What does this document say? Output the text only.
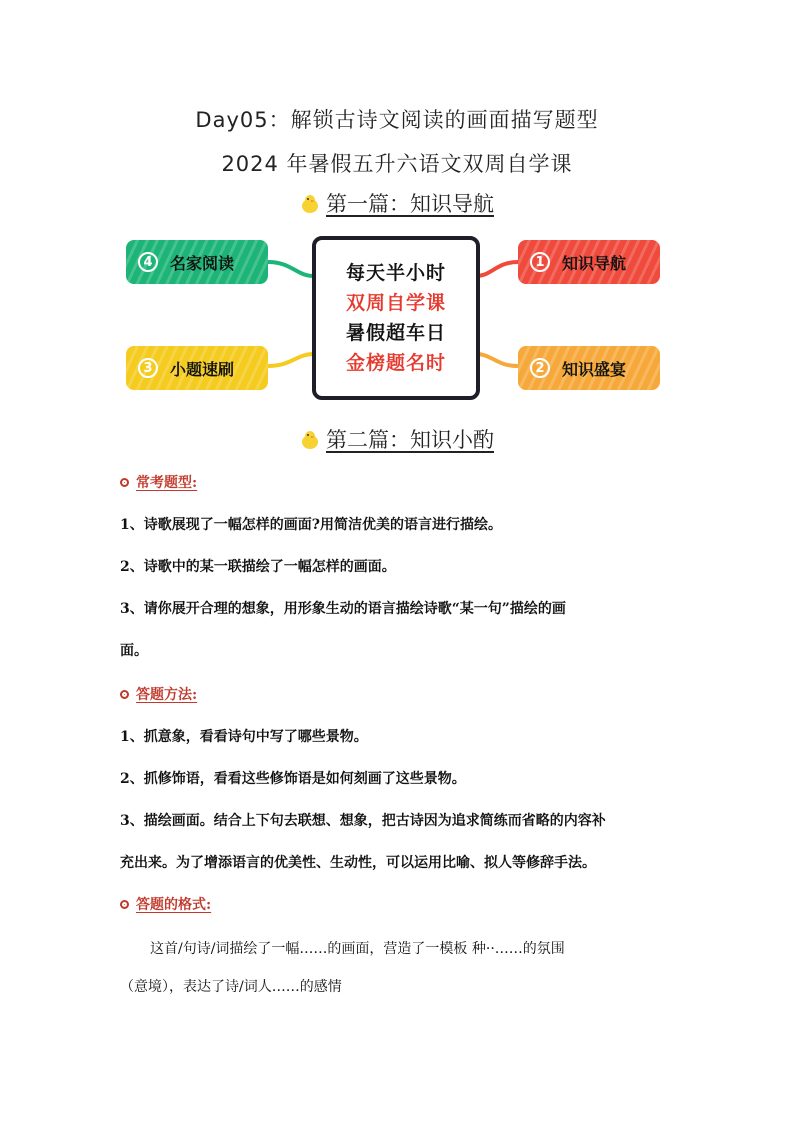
Day05：解锁古诗文阅读的画面描写题型
2024 年暑假五升六语文双周自学课
第一篇：知识导航
4	名家阅读
3	小题速刷
1	知识导航
2	知识盛宴
每天半小时
双周自学课
暑假超车日
金榜题名时
第二篇：知识小酌
常考题型:
1、诗歌展现了一幅怎样的画面?用简洁优美的语言进行描绘。
2、诗歌中的某一联描绘了一幅怎样的画面。
3、请你展开合理的想象，用形象生动的语言描绘诗歌“某一句”描绘的画
面。
答题方法:
1、抓意象，看看诗句中写了哪些景物。
2、抓修饰语，看看这些修饰语是如何刻画了这些景物。
3、描绘画面。结合上下句去联想、想象，把古诗因为追求简练而省略的内容补
充出来。为了增添语言的优美性、生动性，可以运用比喻、拟人等修辞手法。
答题的格式:
这首/句诗/词描绘了一幅……的画面，营造了一模板 种··……的氛围
（意境），表达了诗/词人……的感情
